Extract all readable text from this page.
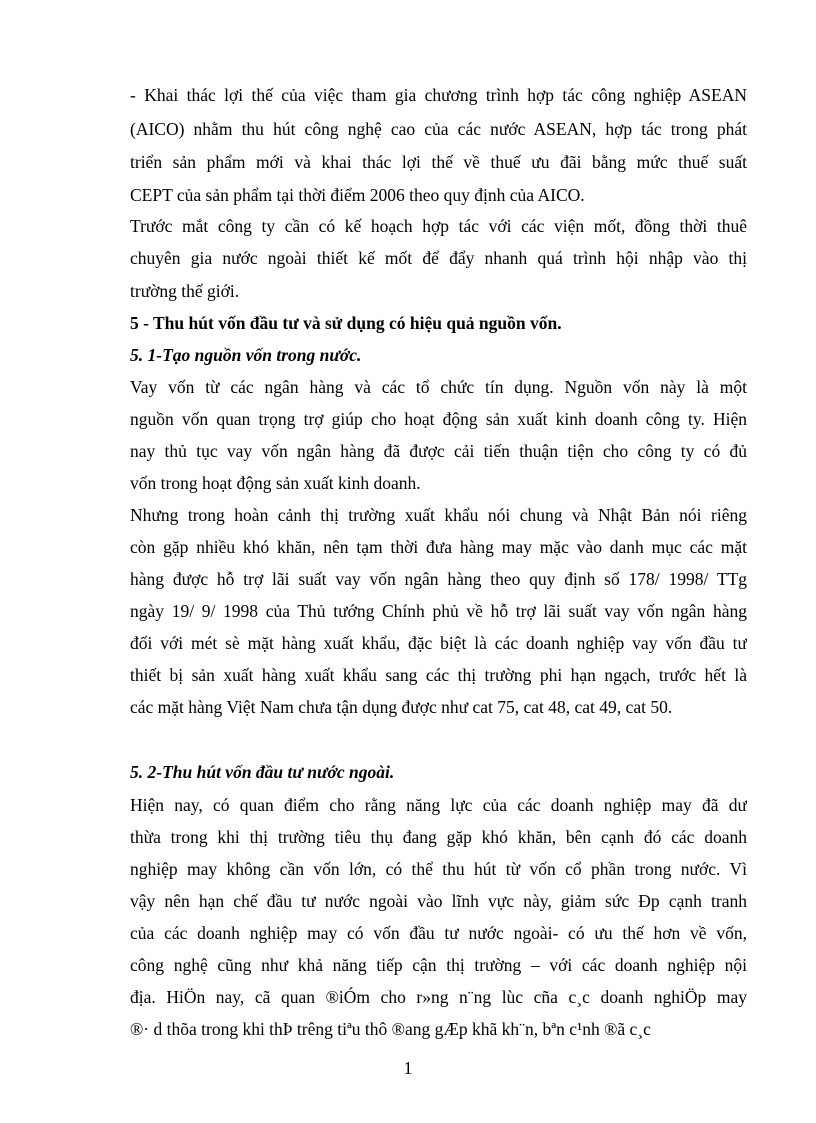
- Khai thác lợi thế của việc tham gia chương trình hợp tác công nghiệp ASEAN
(AICO) nhằm thu hút công nghệ cao của các nước ASEAN, hợp tác trong phát
triển sản phẩm mới và khai thác lợi thế về thuế ưu đãi bằng mức thuế suất
CEPT của sản phẩm tại thời điểm 2006 theo quy định của AICO.
Trước mắt công ty cần có kế hoạch hợp tác với các viện mốt, đồng thời thuê
chuyên gia nước ngoài thiết kế mốt để đẩy nhanh quá trình hội nhập vào thị
trường thế giới.
5 - Thu hút vốn đầu tư và sử dụng có hiệu quả nguồn vốn.
5. 1-Tạo nguồn vốn trong nước.
Vay vốn từ các ngân hàng và các tổ chức tín dụng. Nguồn vốn này là một
nguồn vốn quan trọng trợ giúp cho hoạt động sản xuất kinh doanh công ty. Hiện
nay thủ tục vay vốn ngân hàng đã được cải tiến thuận tiện cho công ty có đủ
vốn trong hoạt động sản xuất kinh doanh.
Nhưng trong hoàn cảnh thị trường xuất khẩu nói chung và Nhật Bản nói riêng
còn gặp nhiều khó khăn, nên tạm thời đưa hàng may mặc vào danh mục các mặt
hàng được hỗ trợ lãi suất vay vốn ngân hàng theo quy định số 178/ 1998/ TTg
ngày 19/ 9/ 1998 của Thủ tướng Chính phủ về hỗ trợ lãi suất vay vốn ngân hàng
đối với mét sè mặt hàng xuất khẩu, đặc biệt là các doanh nghiệp vay vốn đầu tư
thiết bị sản xuất hàng xuất khẩu sang các thị trường phi hạn ngạch, trước hết là
các mặt hàng Việt Nam chưa tận dụng được như cat 75, cat 48, cat 49, cat 50.
5. 2-Thu hút vốn đầu tư nước ngoài.
Hiện nay, có quan điểm cho rằng năng lực của các doanh nghiệp may đã dư
thừa trong khi thị trường tiêu thụ đang gặp khó khăn, bên cạnh đó các doanh
nghiệp may không cần vốn lớn, có thể thu hút từ vốn cổ phần trong nước. Vì
vậy nên hạn chế đầu tư nước ngoài vào lĩnh vực này, giảm sức Ðp cạnh tranh
của các doanh nghiệp may có vốn đầu tư nước ngoài- có ưu thế hơn về vốn,
công nghệ cũng như khả năng tiếp cận thị trường – với các doanh nghiệp nội
địa. HiÖn nay, cã quan ®iÓm cho r»ng n¨ng lùc cña c¸c doanh nghiÖp may
®· d thõa trong khi thÞ trêng tiªu thô ®ang gÆp khã kh¨n, bªn c¹nh ®ã c¸c
1
